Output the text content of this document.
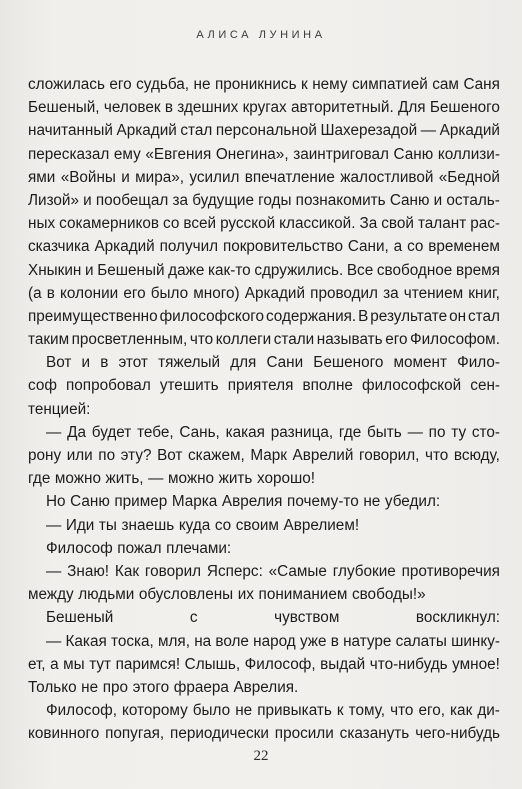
АЛИСА ЛУНИНА
сложилась его судьба, не проникнись к нему симпатией сам Саня
Бешеный, человек в здешних кругах авторитетный. Для Бешеного
начитанный Аркадий стал персональной Шахерезадой — Аркадий
пересказал ему «Евгения Онегина», заинтриговал Саню коллизи-
ями «Войны и мира», усилил впечатление жалостливой «Бедной
Лизой» и пообещал за будущие годы познакомить Саню и осталь-
ных сокамерников со всей русской классикой. За свой талант рас-
сказчика Аркадий получил покровительство Сани, а со временем
Хныкин и Бешеный даже как-то сдружились. Все свободное время
(а в колонии его было много) Аркадий проводил за чтением книг,
преимущественно философского содержания. В результате он стал
таким просветленным, что коллеги стали называть его Философом.
Вот и в этот тяжелый для Сани Бешеного момент Фило-
соф попробовал утешить приятеля вполне философской сен-
тенцией:
— Да будет тебе, Сань, какая разница, где быть — по ту сто-
рону или по эту? Вот скажем, Марк Аврелий говорил, что всюду,
где можно жить, — можно жить хорошо!
Но Саню пример Марка Аврелия почему-то не убедил:
— Иди ты знаешь куда со своим Аврелием!
Философ пожал плечами:
— Знаю! Как говорил Ясперс: «Самые глубокие противоречия
между людьми обусловлены их пониманием свободы!»
Бешеный	с	чувством	воскликнул:
— Какая тоска, мля, на воле народ уже в натуре салаты шинку-
ет, а мы тут паримся! Слышь, Философ, выдай что-нибудь умное!
Только не про этого фраера Аврелия.
Философ, которому было не привыкать к тому, что его, как ди-
ковинного попугая, периодически просили сказануть чего-нибудь
22
